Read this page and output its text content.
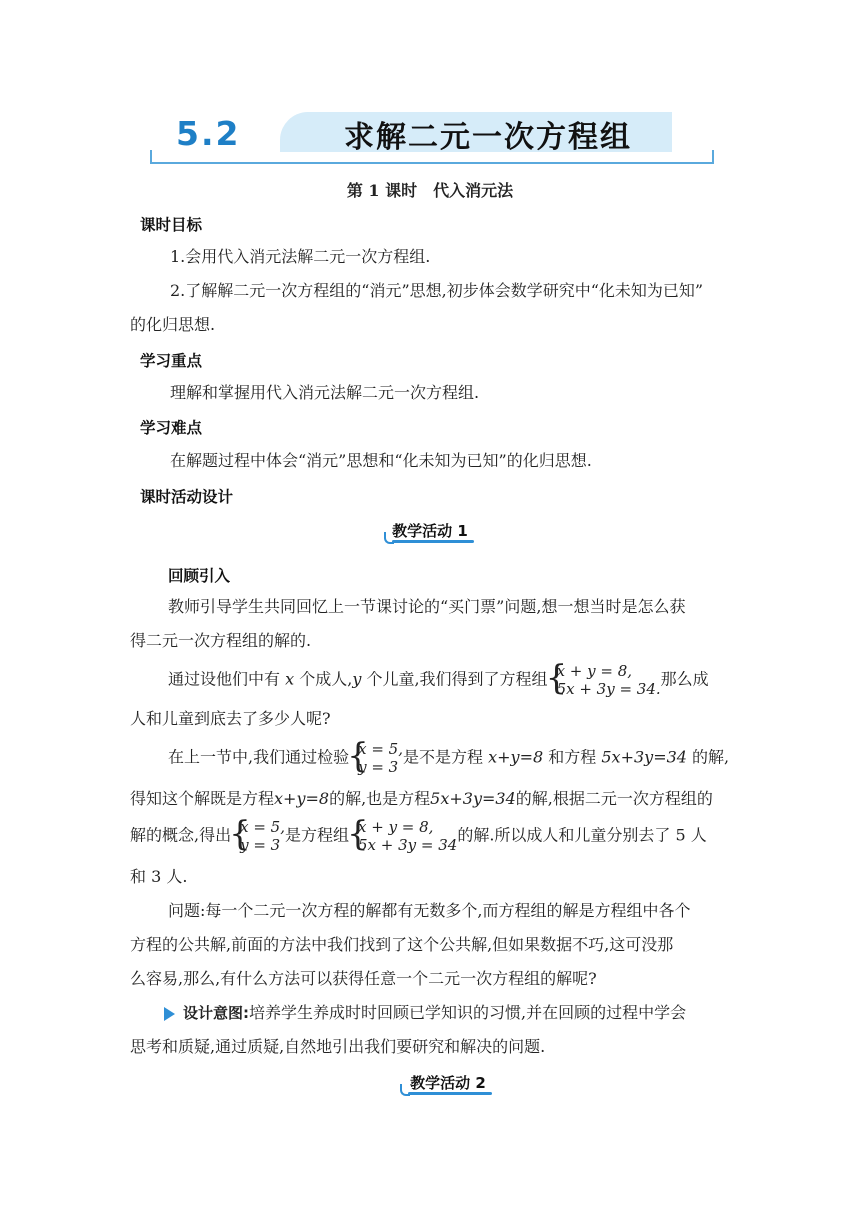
5.2	求解二元一次方程组
第 1 课时　代入消元法
课时目标
1.会用代入消元法解二元一次方程组.
2.了解解二元一次方程组的“消元”思想,初步体会数学研究中“化未知为已知”
的化归思想.
学习重点
理解和掌握用代入消元法解二元一次方程组.
学习难点
在解题过程中体会“消元”思想和“化未知为已知”的化归思想.
课时活动设计
教学活动 1
回顾引入
教师引导学生共同回忆上一节课讨论的“买门票”问题,想一想当时是怎么获
得二元一次方程组的解的.
通过设他们中有 x 个成人,y 个儿童,我们得到了方程组
{
x + y = 8,
5x + 3y = 34.
那么成
人和儿童到底去了多少人呢?
在上一节中,我们通过检验
{
x = 5,
y = 3
是不是方程 x+y=8 和方程 5x+3y=34 的解,
得知这个解既是方程x+y=8的解,也是方程5x+3y=34的解,根据二元一次方程组的
解的概念,得出
{
x = 5,
y = 3
是方程组
{
x + y = 8,
5x + 3y = 34
的解.所以成人和儿童分别去了 5 人
和 3 人.
问题:每一个二元一次方程的解都有无数多个,而方程组的解是方程组中各个
方程的公共解,前面的方法中我们找到了这个公共解,但如果数据不巧,这可没那
么容易,那么,有什么方法可以获得任意一个二元一次方程组的解呢?
设计意图:培养学生养成时时回顾已学知识的习惯,并在回顾的过程中学会
思考和质疑,通过质疑,自然地引出我们要研究和解决的问题.
教学活动 2
